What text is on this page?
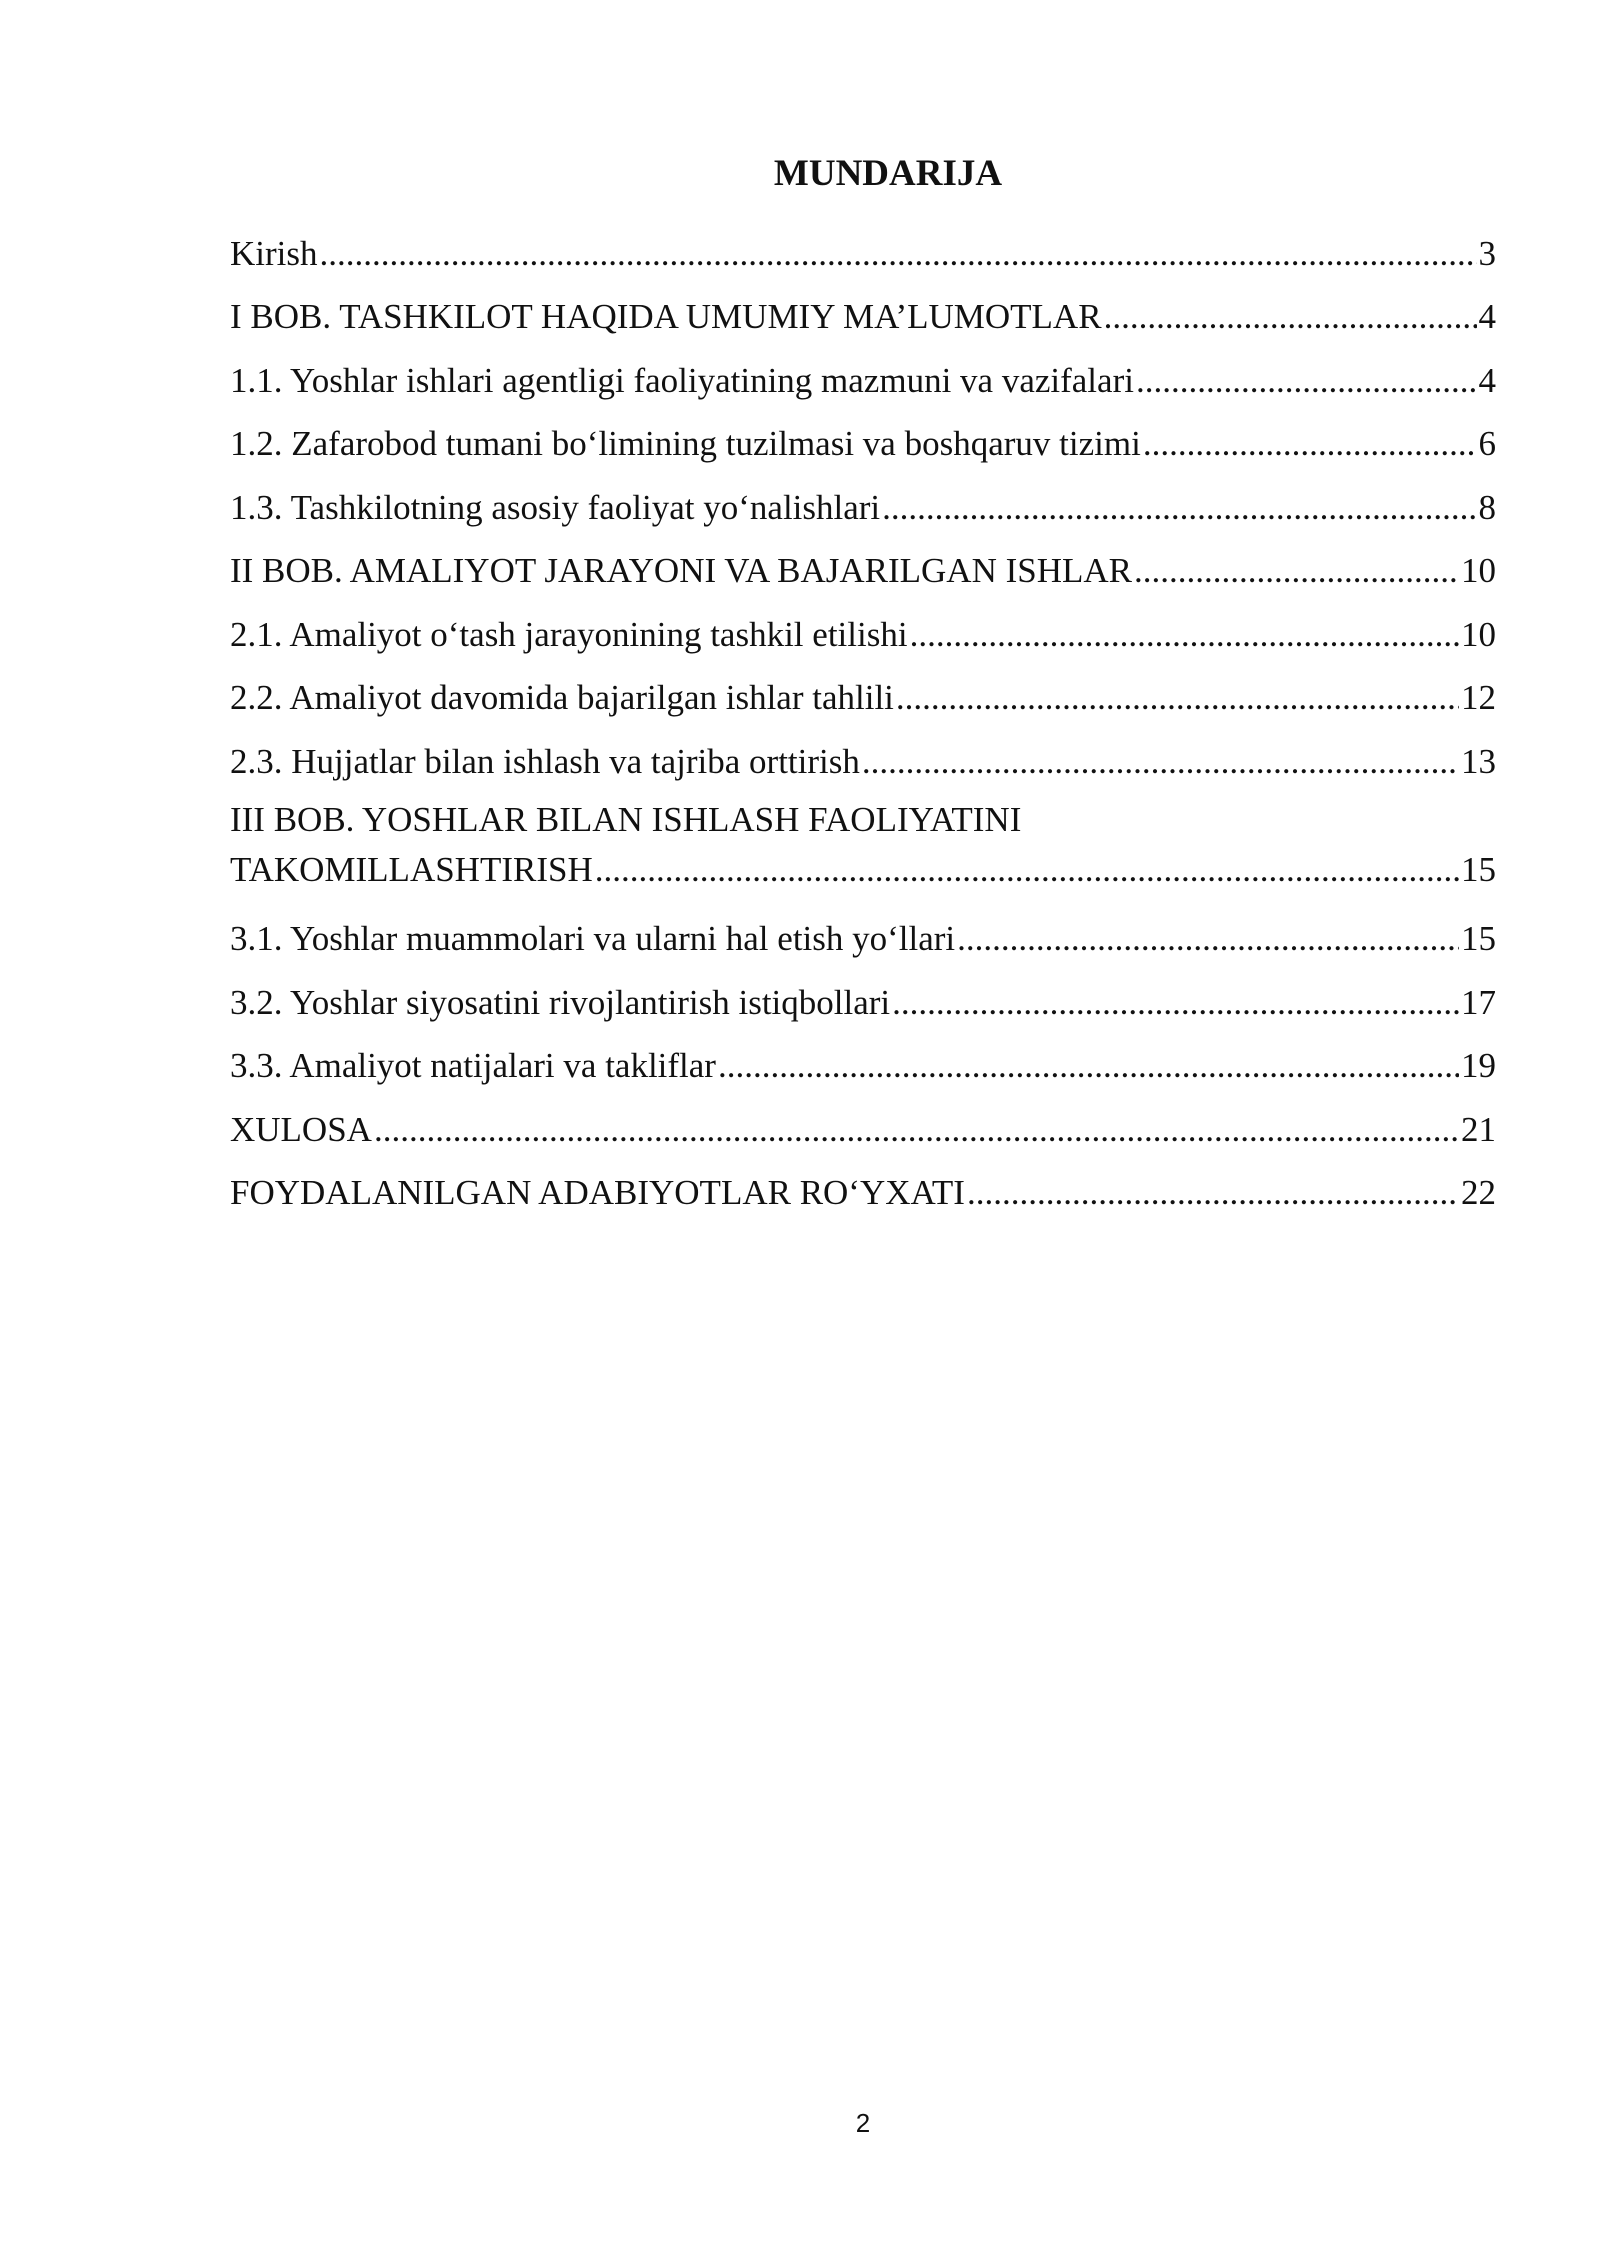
MUNDARIJA
Kirish .....	3
I BOB. TASHKILOT HAQIDA UMUMIY MA’LUMOTLAR .....	4
1.1. Yoshlar ishlari agentligi faoliyatining mazmuni va vazifalari .....	4
1.2. Zafarobod tumani bo‘limining tuzilmasi va boshqaruv tizimi .....	6
1.3. Tashkilotning asosiy faoliyat yo‘nalishlari .....	8
II BOB. AMALIYOT JARAYONI VA BAJARILGAN ISHLAR .....	10
2.1. Amaliyot o‘tash jarayonining tashkil etilishi .....	10
2.2. Amaliyot davomida bajarilgan ishlar tahlili .....	12
2.3. Hujjatlar bilan ishlash va tajriba orttirish .....	13
III BOB. YOSHLAR BILAN ISHLASH FAOLIYATINI
TAKOMILLASHTIRISH .....	15
3.1. Yoshlar muammolari va ularni hal etish yo‘llari .....	15
3.2. Yoshlar siyosatini rivojlantirish istiqbollari .....	17
3.3. Amaliyot natijalari va takliflar .....	19
XULOSA .....	21
FOYDALANILGAN ADABIYOTLAR RO‘YXATI .....	22
2
